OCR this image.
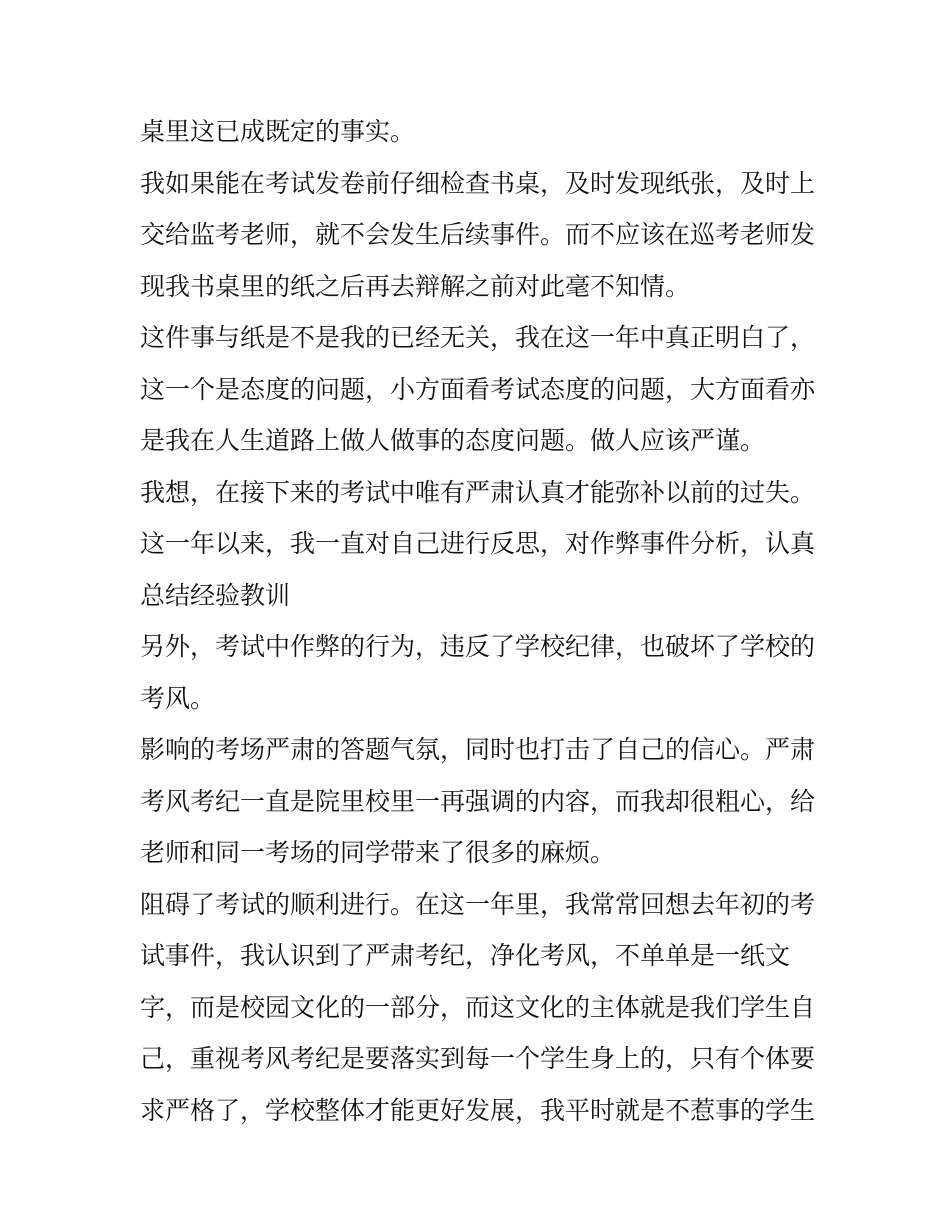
桌里这已成既定的事实。
我如果能在考试发卷前仔细检查书桌，及时发现纸张，及时上
交给监考老师，就不会发生后续事件。而不应该在巡考老师发
现我书桌里的纸之后再去辩解之前对此毫不知情。
这件事与纸是不是我的已经无关，我在这一年中真正明白了，
这一个是态度的问题，小方面看考试态度的问题，大方面看亦
是我在人生道路上做人做事的态度问题。做人应该严谨。
我想，在接下来的考试中唯有严肃认真才能弥补以前的过失。
这一年以来，我一直对自己进行反思，对作弊事件分析，认真
总结经验教训
另外，考试中作弊的行为，违反了学校纪律，也破坏了学校的
考风。
影响的考场严肃的答题气氛，同时也打击了自己的信心。严肃
考风考纪一直是院里校里一再强调的内容，而我却很粗心，给
老师和同一考场的同学带来了很多的麻烦。
阻碍了考试的顺利进行。在这一年里，我常常回想去年初的考
试事件，我认识到了严肃考纪，净化考风，不单单是一纸文
字，而是校园文化的一部分，而这文化的主体就是我们学生自
己，重视考风考纪是要落实到每一个学生身上的，只有个体要
求严格了，学校整体才能更好发展，我平时就是不惹事的学生
